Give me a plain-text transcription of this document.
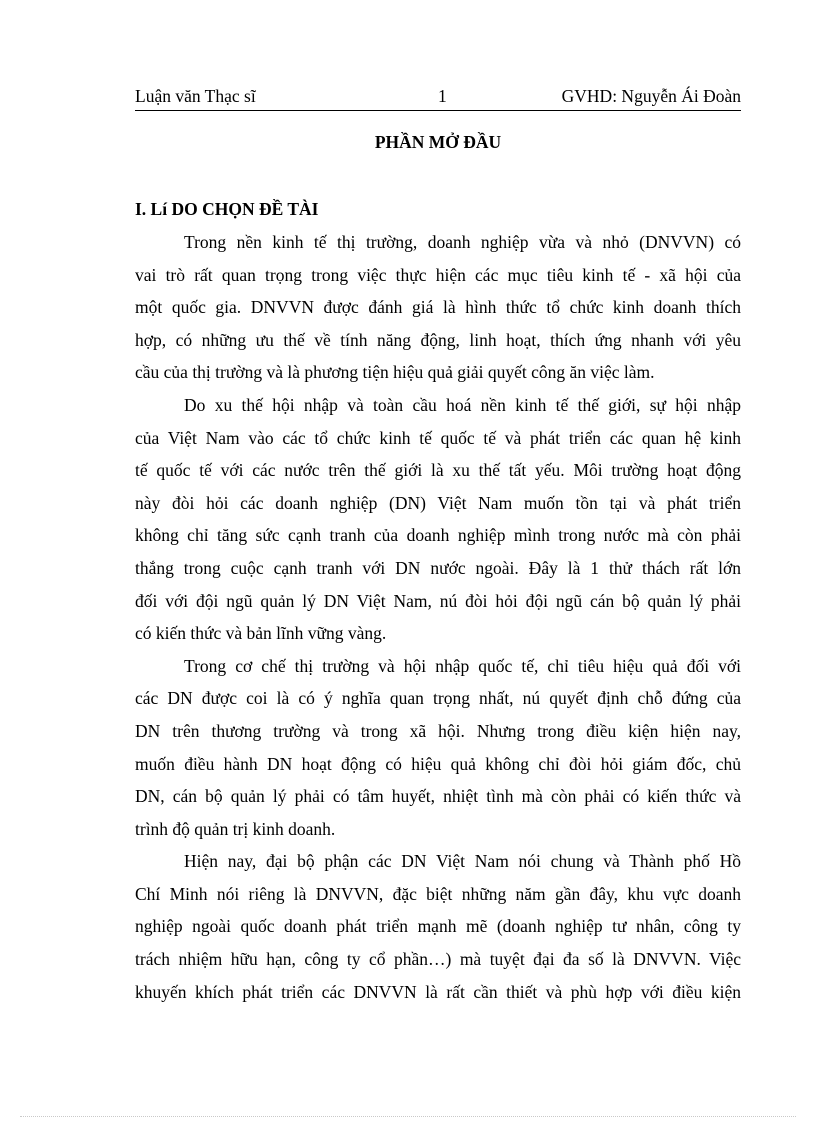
Luận văn Thạc sĩ	1	GVHD: Nguyễn Ái Đoàn
PHẦN MỞ ĐẦU
I. Lí DO CHỌN ĐỀ TÀI
Trong nền kinh tế thị trường, doanh nghiệp vừa và nhỏ (DNVVN) có
vai trò rất quan trọng trong việc thực hiện các mục tiêu kinh tế - xã hội của
một quốc gia. DNVVN được đánh giá là hình thức tổ chức kinh doanh thích
hợp, có những ưu thế về tính năng động, linh hoạt, thích ứng nhanh với yêu
cầu của thị trường và là phương tiện hiệu quả giải quyết công ăn việc làm.
Do xu thế hội nhập và toàn cầu hoá nền kinh tế thế giới, sự hội nhập
của Việt Nam vào các tổ chức kinh tế quốc tế và phát triển các quan hệ kinh
tế quốc tế với các nước trên thế giới là xu thế tất yếu. Môi trường hoạt động
này đòi hỏi các doanh nghiệp (DN) Việt Nam muốn tồn tại và phát triển
không chỉ tăng sức cạnh tranh của doanh nghiệp mình trong nước mà còn phải
thắng trong cuộc cạnh tranh với DN nước ngoài. Đây là 1 thử thách rất lớn
đối với đội ngũ quản lý DN Việt Nam, nú đòi hỏi đội ngũ cán bộ quản lý phải
có kiến thức và bản lĩnh vững vàng.
Trong cơ chế thị trường và hội nhập quốc tế, chỉ tiêu hiệu quả đối với
các DN được coi là có ý nghĩa quan trọng nhất, nú quyết định chỗ đứng của
DN trên thương trường và trong xã hội. Nhưng trong điều kiện hiện nay,
muốn điều hành DN hoạt động có hiệu quả không chỉ đòi hỏi giám đốc, chủ
DN, cán bộ quản lý phải có tâm huyết, nhiệt tình mà còn phải có kiến thức và
trình độ quản trị kinh doanh.
Hiện nay, đại bộ phận các DN Việt Nam nói chung và Thành phố Hồ
Chí Minh nói riêng là DNVVN, đặc biệt những năm gần đây, khu vực doanh
nghiệp ngoài quốc doanh phát triển mạnh mẽ (doanh nghiệp tư nhân, công ty
trách nhiệm hữu hạn, công ty cổ phần…) mà tuyệt đại đa số là DNVVN. Việc
khuyến khích phát triển các DNVVN là rất cần thiết và phù hợp với điều kiện
